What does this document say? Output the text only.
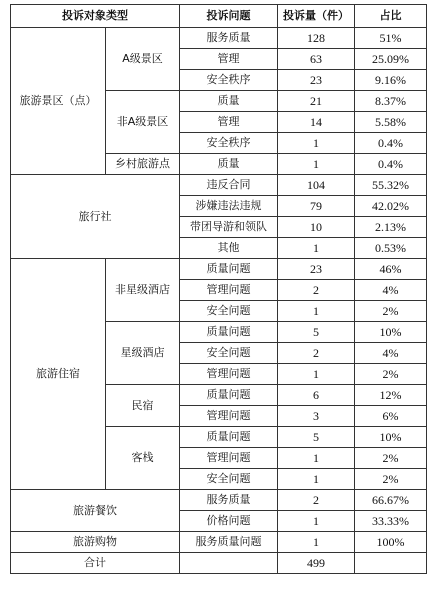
投诉对象类型		投诉问题	投诉量（件）	占比
旅游景区（点）	A级景区	服务质量	128	51%
		管理	63	25.09%
		安全秩序	23	9.16%
	非A级景区	质量	21	8.37%
		管理	14	5.58%
		安全秩序	1	0.4%
	乡村旅游点	质量	1	0.4%
旅行社		违反合同	104	55.32%
		涉嫌违法违规	79	42.02%
		带团导游和领队	10	2.13%
		其他	1	0.53%
旅游住宿	非星级酒店	质量问题	23	46%
		管理问题	2	4%
		安全问题	1	2%
	星级酒店	质量问题	5	10%
		安全问题	2	4%
		管理问题	1	2%
	民宿	质量问题	6	12%
		管理问题	3	6%
	客栈	质量问题	5	10%
		管理问题	1	2%
		安全问题	1	2%
旅游餐饮		服务质量	2	66.67%
		价格问题	1	33.33%
旅游购物		服务质量问题	1	100%
合计			499	
